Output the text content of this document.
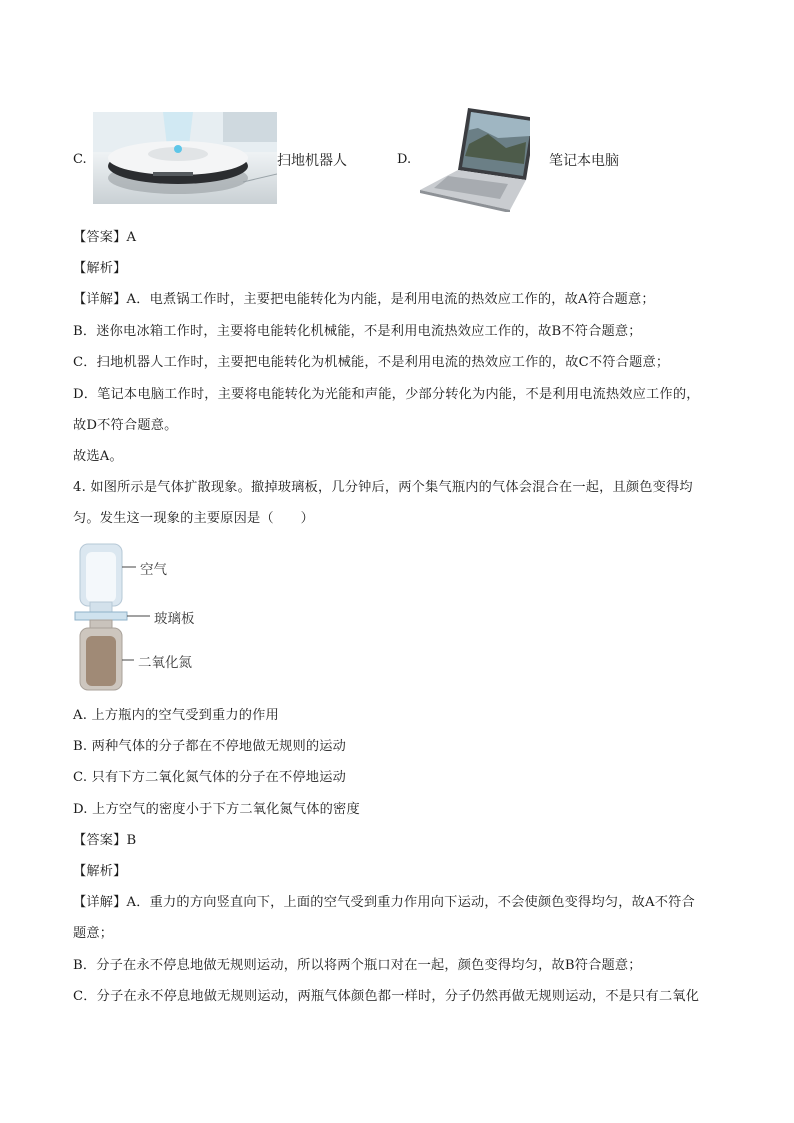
C.	扫地机器人	D.	笔记本电脑
【答案】A
【解析】
【详解】A．电煮锅工作时，主要把电能转化为内能，是利用电流的热效应工作的，故A符合题意；
B．迷你电冰箱工作时，主要将电能转化机械能，不是利用电流热效应工作的，故B不符合题意；
C．扫地机器人工作时，主要把电能转化为机械能，不是利用电流的热效应工作的，故C不符合题意；
D．笔记本电脑工作时，主要将电能转化为光能和声能，少部分转化为内能，不是利用电流热效应工作的，
故D不符合题意。
故选A。
4. 如图所示是气体扩散现象。撤掉玻璃板，几分钟后，两个集气瓶内的气体会混合在一起，且颜色变得均
匀。发生这一现象的主要原因是（　　）
空气
玻璃板
二氧化氮
A. 上方瓶内的空气受到重力的作用
B. 两种气体的分子都在不停地做无规则的运动
C. 只有下方二氧化氮气体的分子在不停地运动
D. 上方空气的密度小于下方二氧化氮气体的密度
【答案】B
【解析】
【详解】A．重力的方向竖直向下，上面的空气受到重力作用向下运动，不会使颜色变得均匀，故A不符合
题意；
B．分子在永不停息地做无规则运动，所以将两个瓶口对在一起，颜色变得均匀，故B符合题意；
C．分子在永不停息地做无规则运动，两瓶气体颜色都一样时，分子仍然再做无规则运动，不是只有二氧化
